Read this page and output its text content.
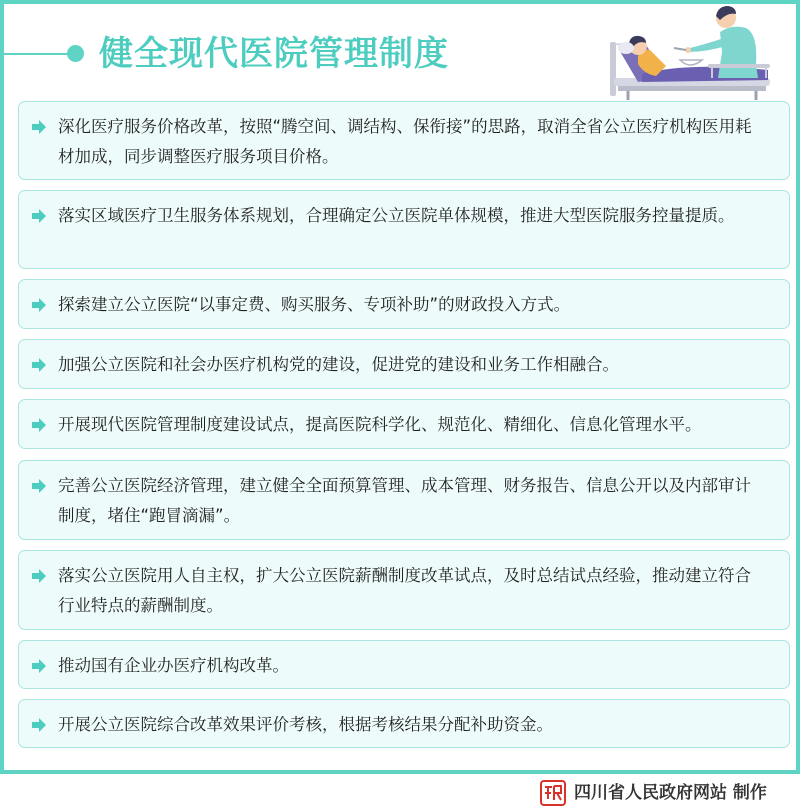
健全现代医院管理制度
深化医疗服务价格改革，按照“腾空间、调结构、保衔接”的思路，取消全省公立医疗机构医用耗材加成，同步调整医疗服务项目价格。
落实区域医疗卫生服务体系规划，合理确定公立医院单体规模，推进大型医院服务控量提质。
探索建立公立医院“以事定费、购买服务、专项补助”的财政投入方式。
加强公立医院和社会办医疗机构党的建设，促进党的建设和业务工作相融合。
开展现代医院管理制度建设试点，提高医院科学化、规范化、精细化、信息化管理水平。
完善公立医院经济管理，建立健全全面预算管理、成本管理、财务报告、信息公开以及内部审计制度，堵住“跑冒滴漏”。
落实公立医院用人自主权，扩大公立医院薪酬制度改革试点，及时总结试点经验，推动建立符合行业特点的薪酬制度。
推动国有企业办医疗机构改革。
开展公立医院综合改革效果评价考核，根据考核结果分配补助资金。
四川省人民政府网站 制作
